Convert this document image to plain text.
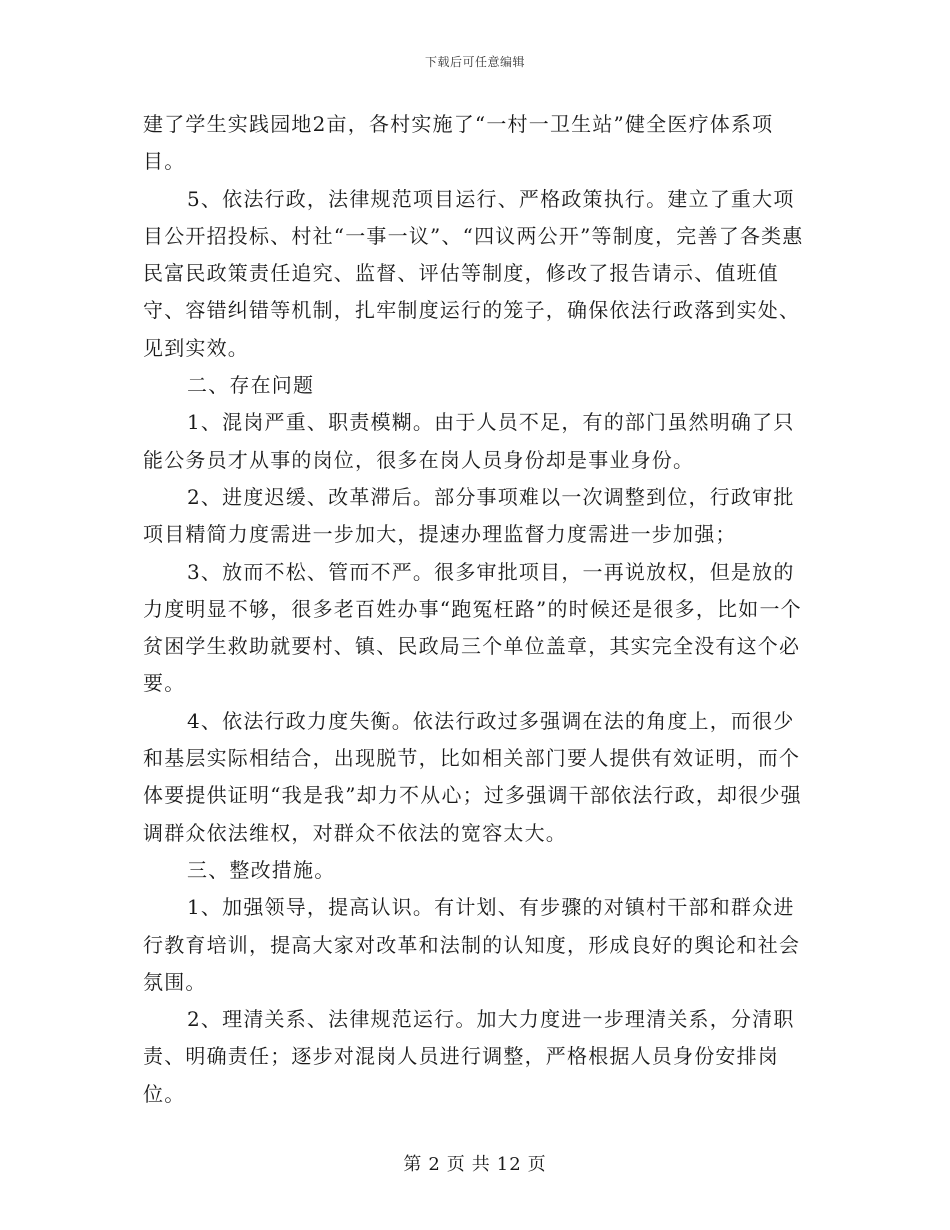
下载后可任意编辑

建了学生实践园地2亩，各村实施了“一村一卫生站”健全医疗体系项目。

5、依法行政，法律规范项目运行、严格政策执行。建立了重大项目公开招投标、村社“一事一议”、“四议两公开”等制度，完善了各类惠民富民政策责任追究、监督、评估等制度，修改了报告请示、值班值守、容错纠错等机制，扎牢制度运行的笼子，确保依法行政落到实处、见到实效。

二、存在问题

1、混岗严重、职责模糊。由于人员不足，有的部门虽然明确了只能公务员才从事的岗位，很多在岗人员身份却是事业身份。

2、进度迟缓、改革滞后。部分事项难以一次调整到位，行政审批项目精简力度需进一步加大，提速办理监督力度需进一步加强；

3、放而不松、管而不严。很多审批项目，一再说放权，但是放的力度明显不够，很多老百姓办事“跑冤枉路”的时候还是很多，比如一个贫困学生救助就要村、镇、民政局三个单位盖章，其实完全没有这个必要。

4、依法行政力度失衡。依法行政过多强调在法的角度上，而很少和基层实际相结合，出现脱节，比如相关部门要人提供有效证明，而个体要提供证明“我是我”却力不从心；过多强调干部依法行政，却很少强调群众依法维权，对群众不依法的宽容太大。

三、整改措施。

1、加强领导，提高认识。有计划、有步骤的对镇村干部和群众进行教育培训，提高大家对改革和法制的认知度，形成良好的舆论和社会氛围。

2、理清关系、法律规范运行。加大力度进一步理清关系，分清职责、明确责任；逐步对混岗人员进行调整，严格根据人员身份安排岗位。

第 2 页 共 12 页
